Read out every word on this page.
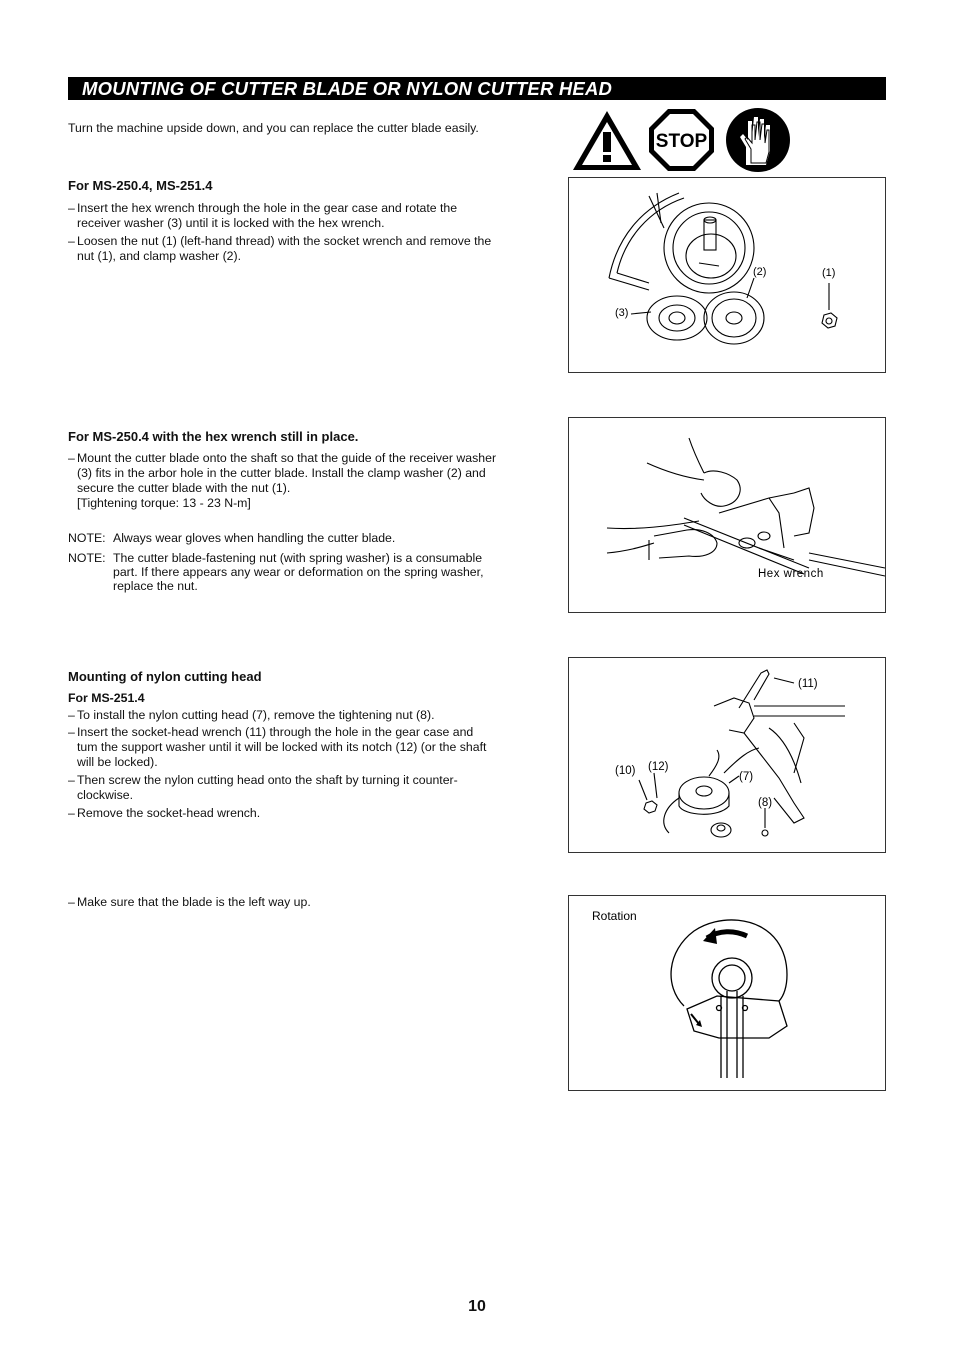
MOUNTING OF CUTTER BLADE OR NYLON CUTTER HEAD
Turn the machine upside down, and you can replace the cutter blade easily.
STOP
For MS-250.4, MS-251.4
– Insert the hex wrench through the hole in the gear case and rotate the
receiver washer (3) until it is locked with the hex wrench.
– Loosen the nut (1) (left-hand thread) with the socket wrench and remove the
nut (1), and clamp washer (2).
(2)	(1)
(3)
For MS-250.4 with the hex wrench still in place.
– Mount the cutter blade onto the shaft so that the guide of the receiver washer
(3) fits in the arbor hole in the cutter blade. Install the clamp washer (2) and
secure the cutter blade with the nut (1).
[Tightening torque: 13 - 23 N-m]
NOTE: Always wear gloves when handling the cutter blade.
NOTE: The cutter blade-fastening nut (with spring washer) is a consumable
part. If there appears any wear or deformation on the spring washer,
replace the nut.
Hex wrench
Mounting of nylon cutting head
For MS-251.4
– To install the nylon cutting head (7), remove the tightening nut (8).
– Insert the socket-head wrench (11) through the hole in the gear case and
tum the support washer until it will be locked with its notch (12) (or the shaft
will be locked).
– Then screw the nylon cutting head onto the shaft by turning it counter-
clockwise.
– Remove the socket-head wrench.
(11)
(10) (12)
(7)
(8)
– Make sure that the blade is the left way up.
Rotation
10
